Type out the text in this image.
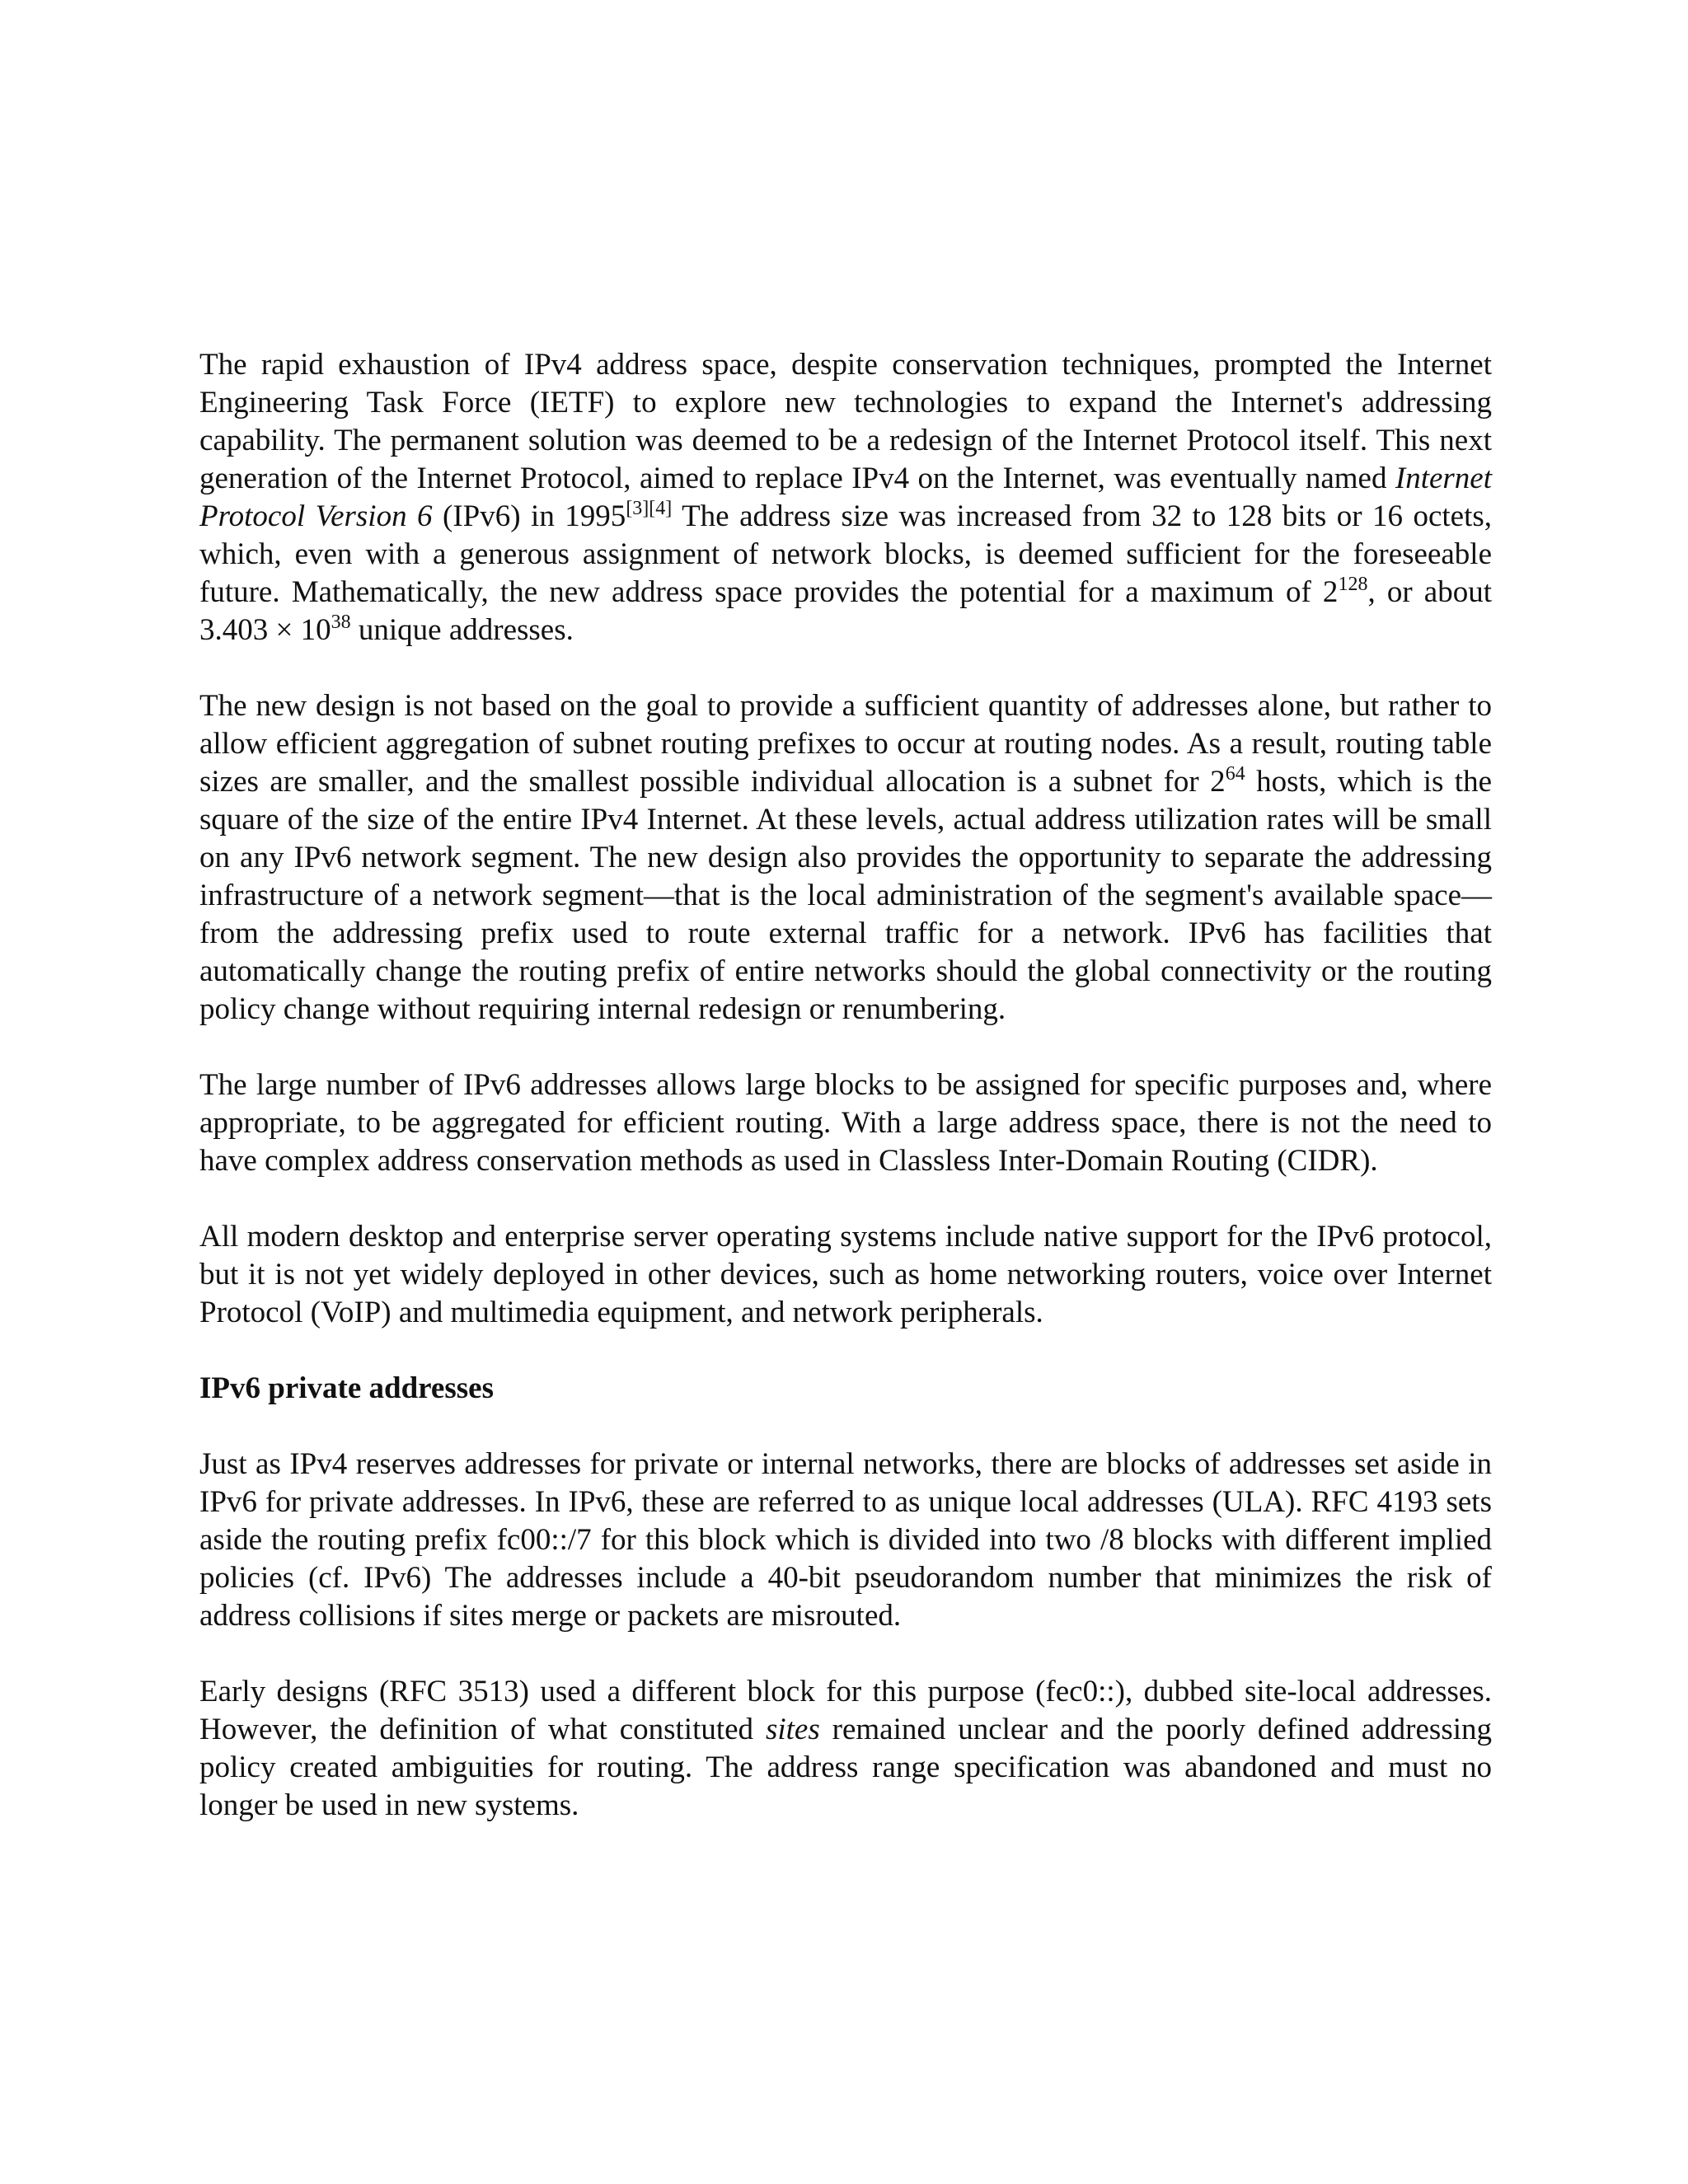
The rapid exhaustion of IPv4 address space, despite conservation techniques, prompted the Internet Engineering Task Force (IETF) to explore new technologies to expand the Internet's addressing capability. The permanent solution was deemed to be a redesign of the Internet Protocol itself. This next generation of the Internet Protocol, aimed to replace IPv4 on the Internet, was eventually named Internet Protocol Version 6 (IPv6) in 1995[3][4] The address size was increased from 32 to 128 bits or 16 octets, which, even with a generous assignment of network blocks, is deemed sufficient for the foreseeable future. Mathematically, the new address space provides the potential for a maximum of $2^{128}$, or about $3.403 \times 10^{38}$ unique addresses.

The new design is not based on the goal to provide a sufficient quantity of addresses alone, but rather to allow efficient aggregation of subnet routing prefixes to occur at routing nodes. As a result, routing table sizes are smaller, and the smallest possible individual allocation is a subnet for $2^{64}$ hosts, which is the square of the size of the entire IPv4 Internet. At these levels, actual address utilization rates will be small on any IPv6 network segment. The new design also provides the opportunity to separate the addressing infrastructure of a network segment—that is the local administration of the segment's available space—from the addressing prefix used to route external traffic for a network. IPv6 has facilities that automatically change the routing prefix of entire networks should the global connectivity or the routing policy change without requiring internal redesign or renumbering.

The large number of IPv6 addresses allows large blocks to be assigned for specific purposes and, where appropriate, to be aggregated for efficient routing. With a large address space, there is not the need to have complex address conservation methods as used in Classless Inter-Domain Routing (CIDR).

All modern desktop and enterprise server operating systems include native support for the IPv6 protocol, but it is not yet widely deployed in other devices, such as home networking routers, voice over Internet Protocol (VoIP) and multimedia equipment, and network peripherals.

IPv6 private addresses

Just as IPv4 reserves addresses for private or internal networks, there are blocks of addresses set aside in IPv6 for private addresses. In IPv6, these are referred to as unique local addresses (ULA). RFC 4193 sets aside the routing prefix fc00::/7 for this block which is divided into two /8 blocks with different implied policies (cf. IPv6) The addresses include a 40-bit pseudorandom number that minimizes the risk of address collisions if sites merge or packets are misrouted.

Early designs (RFC 3513) used a different block for this purpose (fec0::), dubbed site-local addresses. However, the definition of what constituted sites remained unclear and the poorly defined addressing policy created ambiguities for routing. The address range specification was abandoned and must no longer be used in new systems.
